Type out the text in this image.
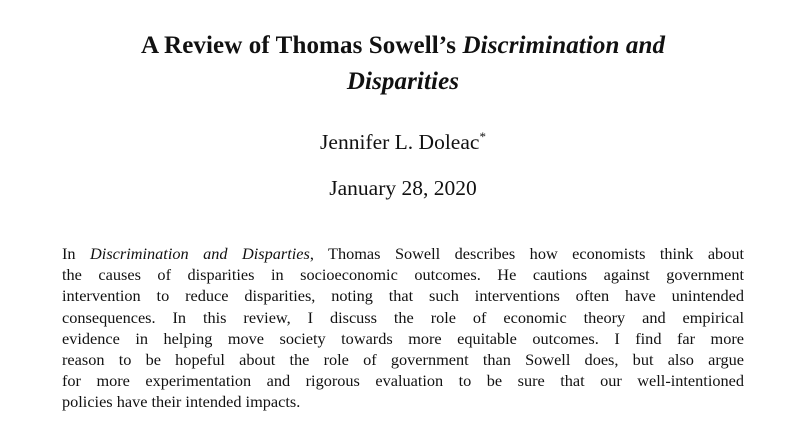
A Review of Thomas Sowell’s Discrimination and
Disparities
Jennifer L. Doleac*
January 28, 2020
In Discrimination and Disparties, Thomas Sowell describes how economists think about
the causes of disparities in socioeconomic outcomes. He cautions against government
intervention to reduce disparities, noting that such interventions often have unintended
consequences. In this review, I discuss the role of economic theory and empirical
evidence in helping move society towards more equitable outcomes. I find far more
reason to be hopeful about the role of government than Sowell does, but also argue
for more experimentation and rigorous evaluation to be sure that our well-intentioned
policies have their intended impacts.
